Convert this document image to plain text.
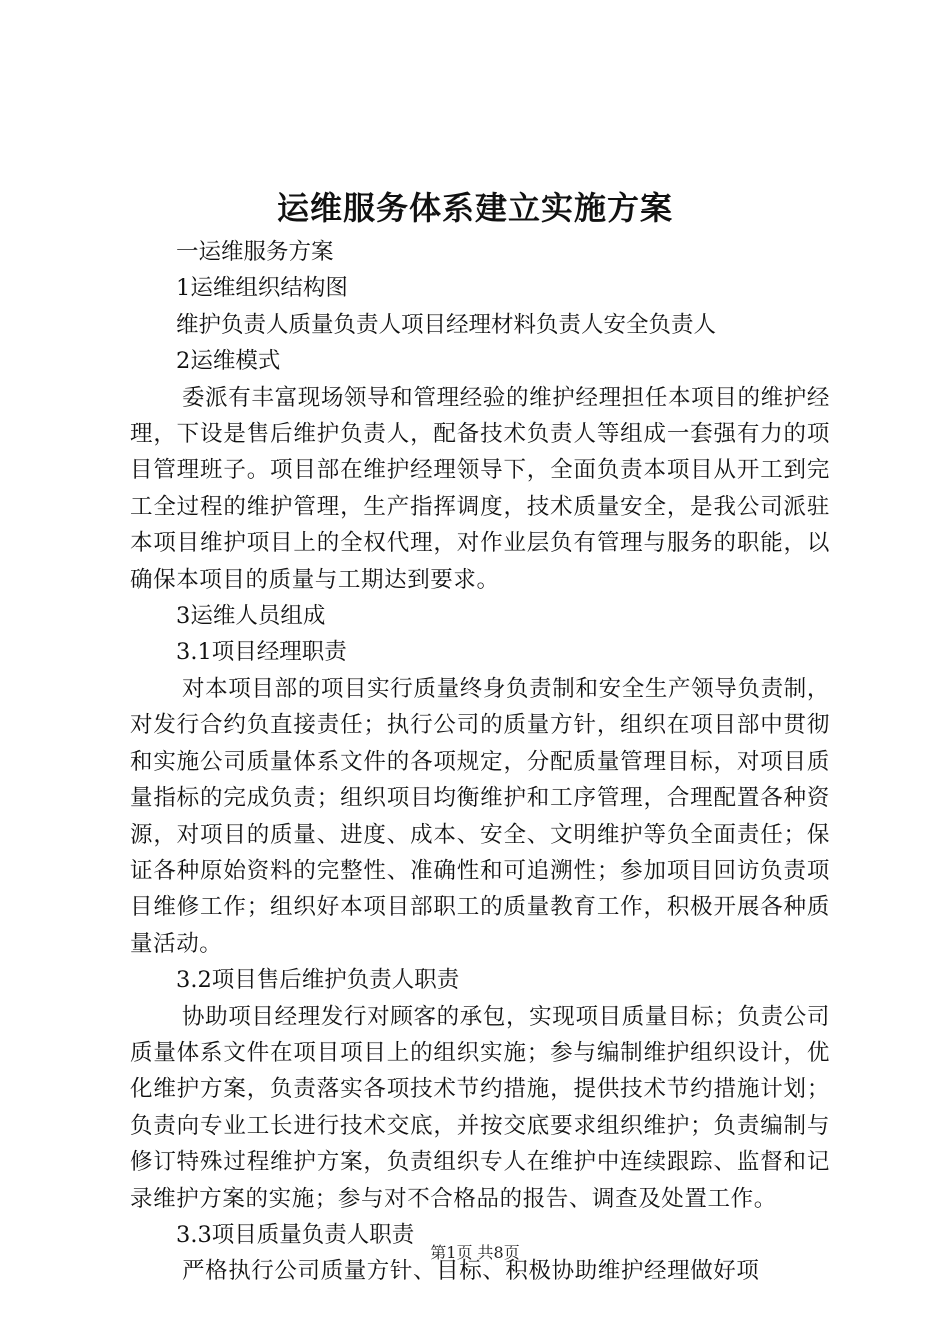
运维服务体系建立实施方案

一运维服务方案

1运维组织结构图

维护负责人质量负责人项目经理材料负责人安全负责人

2运维模式

委派有丰富现场领导和管理经验的维护经理担任本项目的维护经理，下设是售后维护负责人，配备技术负责人等组成一套强有力的项目管理班子。项目部在维护经理领导下，全面负责本项目从开工到完工全过程的维护管理，生产指挥调度，技术质量安全，是我公司派驻本项目维护项目上的全权代理，对作业层负有管理与服务的职能，以确保本项目的质量与工期达到要求。

3运维人员组成

3.1项目经理职责

对本项目部的项目实行质量终身负责制和安全生产领导负责制，对发行合约负直接责任；执行公司的质量方针，组织在项目部中贯彻和实施公司质量体系文件的各项规定，分配质量管理目标，对项目质量指标的完成负责；组织项目均衡维护和工序管理，合理配置各种资源，对项目的质量、进度、成本、安全、文明维护等负全面责任；保证各种原始资料的完整性、准确性和可追溯性；参加项目回访负责项目维修工作；组织好本项目部职工的质量教育工作，积极开展各种质量活动。

3.2项目售后维护负责人职责

协助项目经理发行对顾客的承包，实现项目质量目标；负责公司质量体系文件在项目项目上的组织实施；参与编制维护组织设计，优化维护方案，负责落实各项技术节约措施，提供技术节约措施计划；负责向专业工长进行技术交底，并按交底要求组织维护；负责编制与修订特殊过程维护方案，负责组织专人在维护中连续跟踪、监督和记录维护方案的实施；参与对不合格品的报告、调查及处置工作。

3.3项目质量负责人职责

严格执行公司质量方针、目标、积极协助维护经理做好项

第1页 共8页
